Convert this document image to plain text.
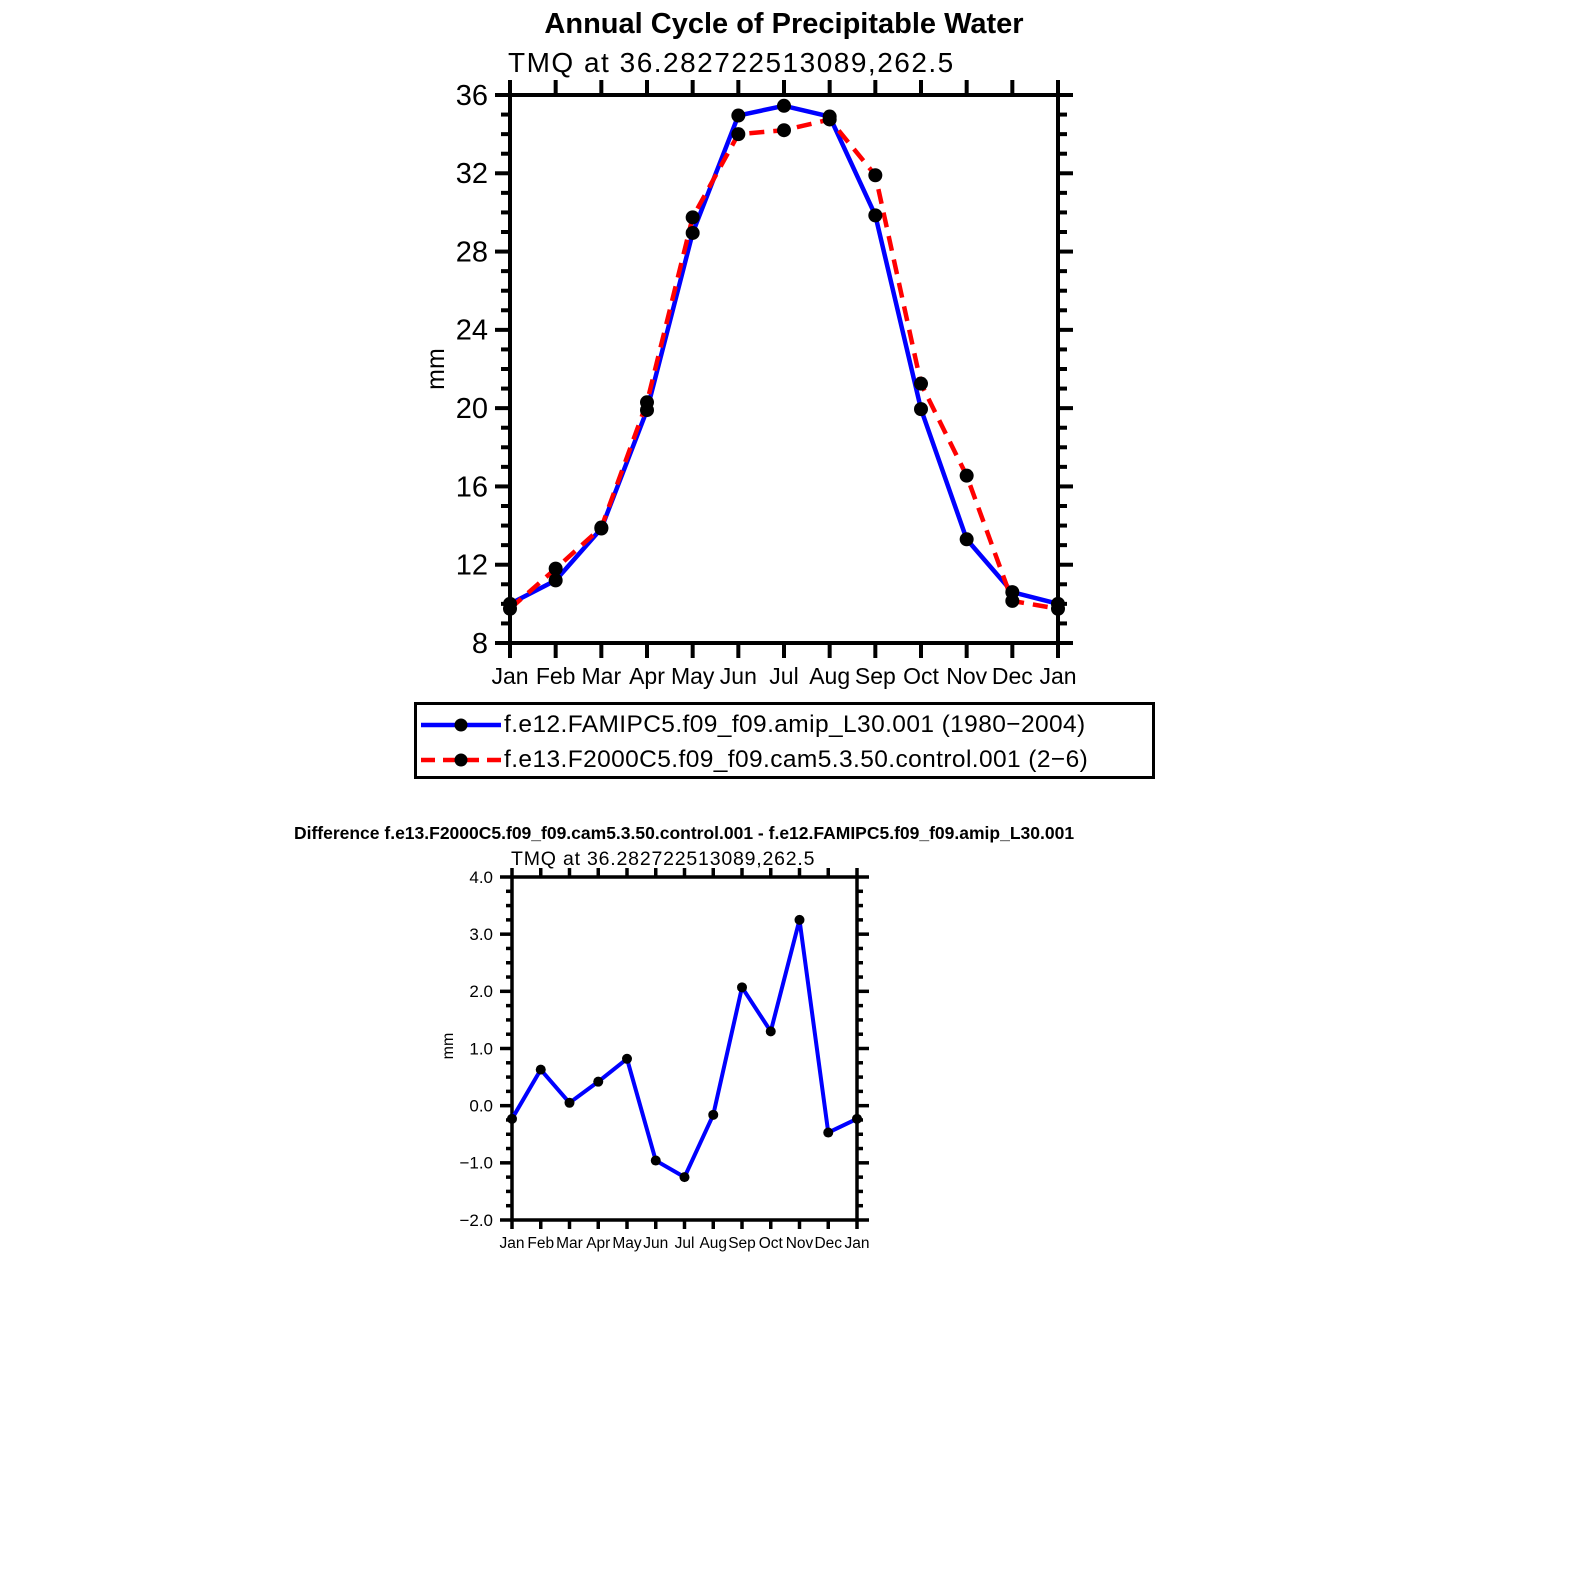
Annual Cycle of Precipitable Water
TMQ at 36.282722513089,262.5
mm
8
12
16
20
24
28
32
36
Jan Feb Mar Apr May Jun Jul Aug Sep Oct Nov Dec Jan
f.e12.FAMIPC5.f09_f09.amip_L30.001 (1980−2004)
f.e13.F2000C5.f09_f09.cam5.3.50.control.001 (2−6)
Difference f.e13.F2000C5.f09_f09.cam5.3.50.control.001 - f.e12.FAMIPC5.f09_f09.amip_L30.001
TMQ at 36.282722513089,262.5
mm
−2.0
−1.0
0.0
1.0
2.0
3.0
4.0
Jan Feb Mar Apr May Jun Jul Aug Sep Oct Nov Dec Jan
